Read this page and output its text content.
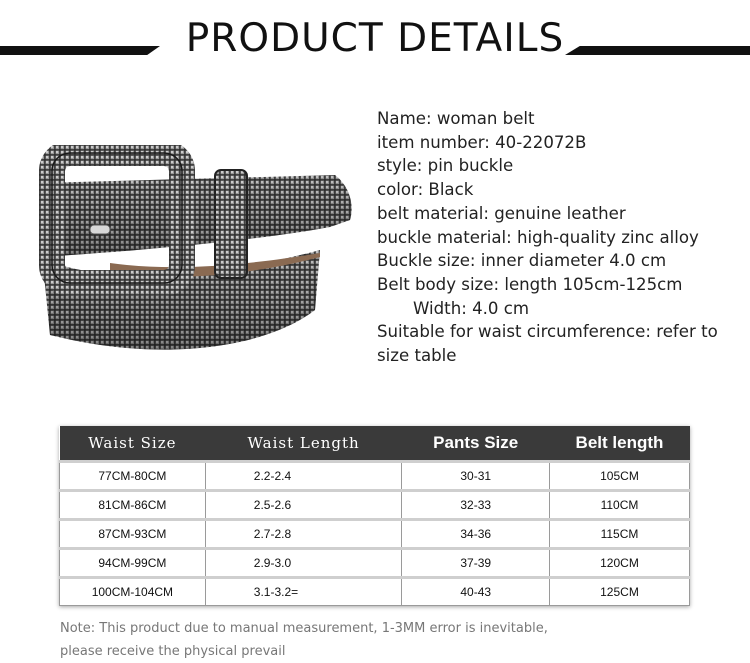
PRODUCT DETAILS
Name: woman belt
item number: 40-22072B
style: pin buckle
color: Black
belt material: genuine leather
buckle material: high-quality zinc alloy
Buckle size: inner diameter 4.0 cm
Belt body size: length 105cm-125cm
Width: 4.0 cm
Suitable for waist circumference: refer to size table
Waist Size	Waist Length	Pants Size	Belt length
77CM-80CM	2.2-2.4	30-31	105CM
81CM-86CM	2.5-2.6	32-33	110CM
87CM-93CM	2.7-2.8	34-36	115CM
94CM-99CM	2.9-3.0	37-39	120CM
100CM-104CM	3.1-3.2=	40-43	125CM
Note: This product due to manual measurement, 1-3MM error is inevitable,
please receive the physical prevail
